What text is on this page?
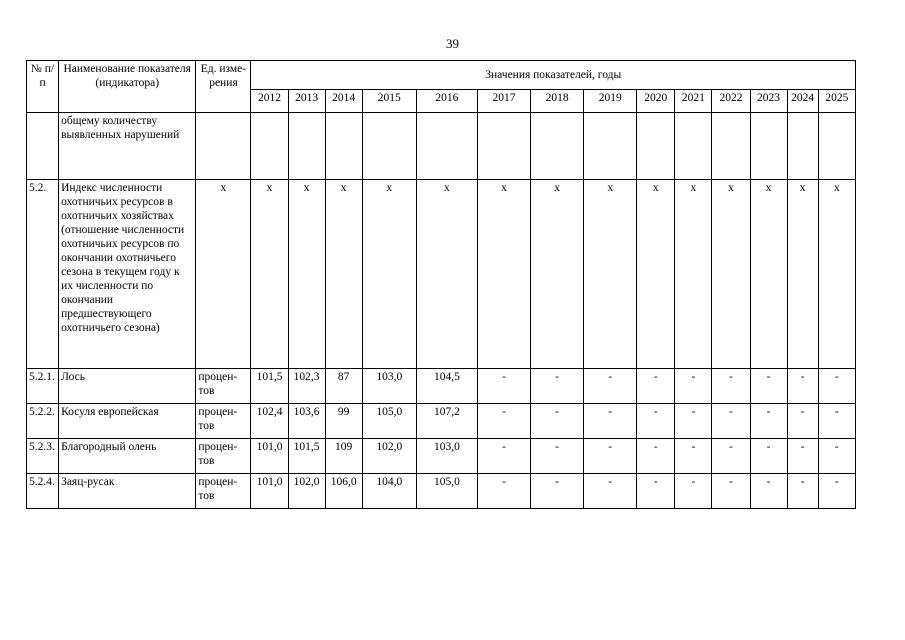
39
№ п/п	Наименование показателя (индикатора)	Ед. изме-рения	Значения показателей, годы													
			2012	2013	2014	2015	2016	2017	2018	2019	2020	2021	2022	2023	2024	2025
	общему количеству выявленных нарушений															
5.2.	Индекс численности охотничьих ресурсов в охотничьих хозяйствах (отношение численности охотничьих ресурсов по окончании охотничьего сезона в текущем году к их численности по окончании предшествующего охотничьего сезона)	x	x	x	x	x	x	x	x	x	x	x	x	x	x	x
5.2.1.	Лось	процен-тов	101,5	102,3	87	103,0	104,5	-	-	-	-	-	-	-	-	-
5.2.2.	Косуля европейская	процен-тов	102,4	103,6	99	105,0	107,2	-	-	-	-	-	-	-	-	-
5.2.3.	Благородный олень	процен-тов	101,0	101,5	109	102,0	103,0	-	-	-	-	-	-	-	-	-
5.2.4.	Заяц-русак	процен-тов	101,0	102,0	106,0	104,0	105,0	-	-	-	-	-	-	-	-	-
